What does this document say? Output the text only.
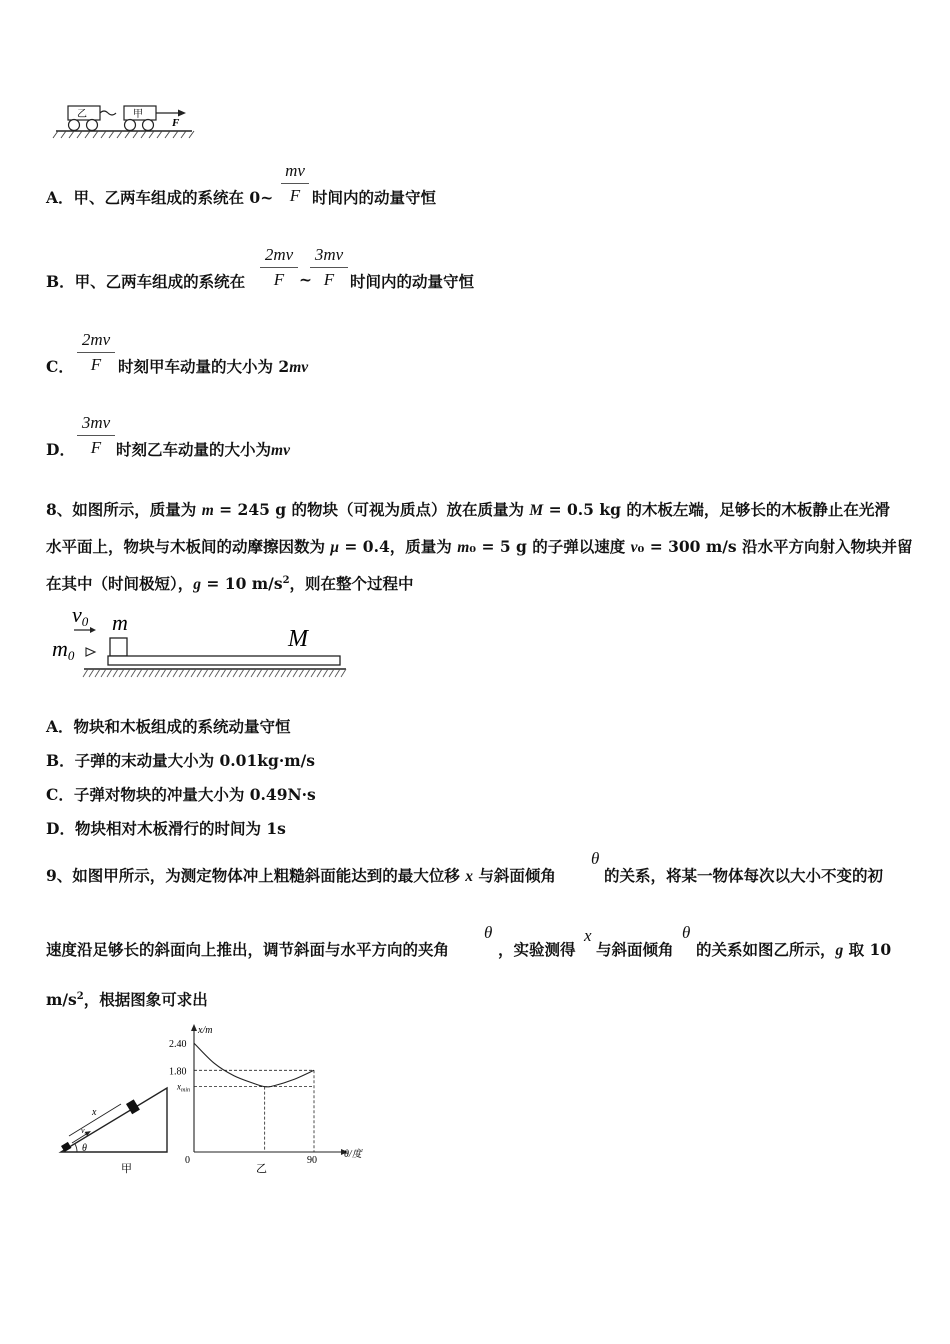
乙	甲
F
A．甲、乙两车组成的系统在 0~ $\frac{mv}{F}$ 时间内的动量守恒
B．甲、乙两车组成的系统在 $\frac{2mv}{F}$ ~
$\frac{3mv}{F}$ 时间内的动量守恒
C． $\frac{2mv}{F}$ 时刻甲车动量的大小为 2mv
D． $\frac{3mv}{F}$ 时刻乙车动量的大小为mv
8、如图所示，质量为 m = 245 g 的物块（可视为质点）放在质量为 M = 0.5 kg 的木板左端，足够长的木板静止在光滑
水平面上，物块与木板间的动摩擦因数为 μ = 0.4，质量为 m₀ = 5 g 的子弹以速度 v₀ = 300 m/s 沿水平方向射入物块并留
在其中（时间极短），g = 10 $m/s^2$，则在整个过程中
v0 m
m0
M
A．物块和木板组成的系统动量守恒
B．子弹的末动量大小为 0.01kg·m/s
C．子弹对物块的冲量大小为 0.49N·s
D．物块相对木板滑行的时间为 1s
9、如图甲所示，为测定物体冲上粗糙斜面能达到的最大位移 x 与斜面倾角
θ
的关系，将某一物体每次以大小不变的初
速度沿足够长的斜面向上推出，调节斜面与水平方向的夹角
θ
，实验测得
x
与斜面倾角
θ
的关系如图乙所示，g 取 10
$m/s^2$，根据图象可求出
x
v₀
θ
甲
x/m
θ/度
乙
2.40
1.80
$x_{min}$
0	90
